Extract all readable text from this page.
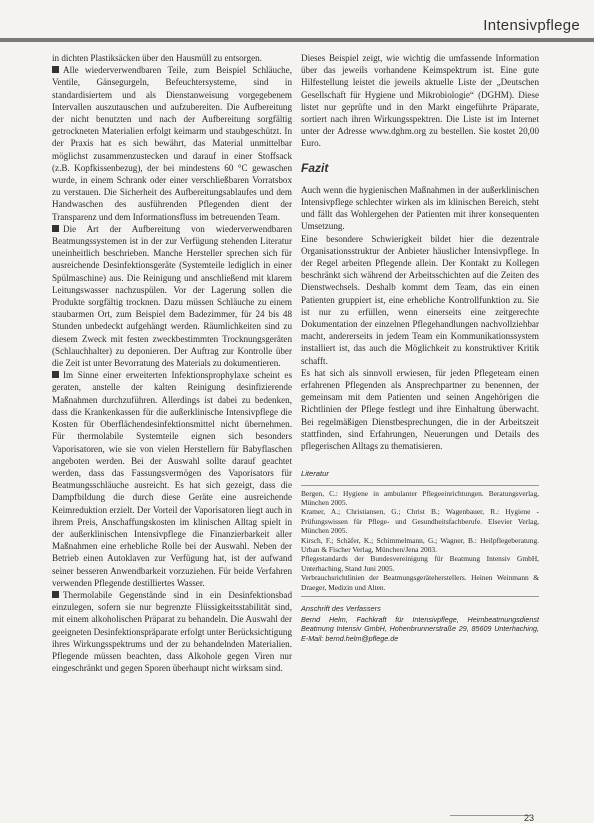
Intensivpflege

in dichten Plastiksäcken über den Hausmüll zu entsorgen.

Alle wiederverwendbaren Teile, zum Beispiel Schläuche, Ventile, Gänsegurgeln, Befeuchtersysteme, sind in standardisiertem und als Dienstanweisung vorgegebenem Intervallen auszutauschen und aufzubereiten. Die Aufbereitung der nicht benutzten und nach der Aufbereitung sorgfältig getrockneten Materialien erfolgt keimarm und staubgeschützt. In der Praxis hat es sich bewährt, das Material unmittelbar möglichst zusammenzustecken und darauf in einer Stoffsack (z.B. Kopfkissenbezug), der bei mindestens 60 °C gewaschen wurde, in einem Schrank oder einer verschließbaren Vorratsbox zu verstauen. Die Sicherheit des Aufbereitungsablaufes und dem Handwaschen des ausführenden Pflegenden dient der Transparenz und dem Informationsfluss im betreuenden Team.

Die Art der Aufbereitung von wiederverwendbaren Beatmungssystemen ist in der zur Verfügung stehenden Literatur uneinheitlich beschrieben. Manche Hersteller sprechen sich für ausreichende Desinfektionsgeräte (Systemteile lediglich in einer Spülmaschine) aus. Die Reinigung und anschließend mit klarem Leitungswasser nachzuspülen. Vor der Lagerung sollen die Produkte sorgfältig trocknen. Dazu müssen Schläuche zu einem staubarmen Ort, zum Beispiel dem Badezimmer, für 24 bis 48 Stunden unbedeckt aufgehängt werden. Räumlichkeiten sind zu diesem Zweck mit festen zweckbestimmten Trocknungsgeräten (Schlauchhalter) zu deponieren. Der Auftrag zur Kontrolle über die Zeit ist unter Bevorratung des Materials zu dokumentieren.

Im Sinne einer erweiterten Infektionsprophylaxe scheint es geraten, anstelle der kalten Reinigung desinfizierende Maßnahmen durchzuführen. Allerdings ist dabei zu bedenken, dass die Krankenkassen für die außerklinische Intensivpflege die Kosten für Oberflächendesinfektionsmittel nicht übernehmen. Für thermolabile Systemteile eignen sich besonders Vaporisatoren, wie sie von vielen Herstellern für Babyflaschen angeboten werden. Bei der Auswahl sollte darauf geachtet werden, dass das Fassungsvermögen des Vaporisators für Beatmungsschläuche ausreicht. Es hat sich gezeigt, dass die Dampfbildung die durch diese Geräte eine ausreichende Keimreduktion erzielt. Der Vorteil der Vaporisatoren liegt auch in ihrem Preis, Anschaffungskosten im klinischen Alltag spielt in der außerklinischen Intensivpflege die Finanzierbarkeit aller Maßnahmen eine erhebliche Rolle bei der Auswahl. Neben der Betrieb einen Autoklaven zur Verfügung hat, ist der aufwand seiner besseren Anwendbarkeit vorzuziehen. Für beide Verfahren verwenden Pflegende destilliertes Wasser.

Thermolabile Gegenstände sind in ein Desinfektionsbad einzulegen, sofern sie nur begrenzte Flüssigkeitsstabilität sind, mit einem alkoholischen Präparat zu behandeln. Die Auswahl der geeigneten Desinfektionspräparate erfolgt unter Berücksichtigung ihres Wirkungsspektrums und der zu behandelnden Materialien. Pflegende müssen beachten, dass Alkohole gegen Viren nur eingeschränkt und gegen Sporen überhaupt nicht wirksam sind.

Dieses Beispiel zeigt, wie wichtig die umfassende Information über das jeweils vorhandene Keimspektrum ist. Eine gute Hilfestellung leistet die jeweils aktuelle Liste der „Deutschen Gesellschaft für Hygiene und Mikrobiologie“ (DGHM). Diese listet nur geprüfte und in den Markt eingeführte Präparate, sortiert nach ihren Wirkungsspektren. Die Liste ist im Internet unter der Adresse www.dghm.org zu bestellen. Sie kostet 20,00 Euro.

Fazit

Auch wenn die hygienischen Maßnahmen in der außerklinischen Intensivpflege schlechter wirken als im klinischen Bereich, steht und fällt das Wohlergehen der Patienten mit ihrer konsequenten Umsetzung.

Eine besondere Schwierigkeit bildet hier die dezentrale Organisationsstruktur der Anbieter häuslicher Intensivpflege. In der Regel arbeiten Pflegende allein. Der Kontakt zu Kollegen beschränkt sich während der Arbeitsschichten auf die Zeiten des Dienstwechsels. Deshalb kommt dem Team, das ein einen Patienten gruppiert ist, eine erhebliche Kontrollfunktion zu. Sie ist nur zu erfüllen, wenn einerseits eine zeitgerechte Dokumentation der einzelnen Pflegehandlungen nachvollziehbar macht, andererseits in jedem Team ein Kommunikationssystem installiert ist, das auch die Möglichkeit zu konstruktiver Kritik schafft.

Es hat sich als sinnvoll erwiesen, für jeden Pflegeteam einen erfahrenen Pflegenden als Ansprechpartner zu benennen, der gemeinsam mit dem Patienten und seinen Angehörigen die Richtlinien der Pflege festlegt und ihre Einhaltung überwacht. Bei regelmäßigen Dienstbesprechungen, die in der Arbeitszeit stattfinden, sind Erfahrungen, Neuerungen und Details des pflegerischen Alltags zu thematisieren.

Literatur
Bergen, C.: Hygiene in ambulanter Pflegeeinrichtungen. Beratungsverlag, München 2005.
Kramer, A.; Christiansen, G.; Christ B.; Wagenbauer, R.: Hygiene - Prüfungswissen für Pflege- und Gesundheitsfachberufe. Elsevier Verlag, München 2005.
Kirsch, F.; Schäfer, K.; Schimmelmann, G.; Wagner, B.: Heilpflegeberatung. Urban & Fischer Verlag, München/Jena 2003.
Pflegestandards der Bundesvereinigung für Beatmung Intensiv GmbH, Unterhaching, Stand Juni 2005.
Verbrauchsrichtlinien der Beatmungsgeräteherstellers. Heinen Weinmann & Draeger, Medizin und Alten.
Anschrift des Verfassers
Bernd Helm, Fachkraft für Intensivpflege, Heimbeatmungsdienst Beatmung Intensiv GmbH, Hohenbrunnerstraße 29, 85609 Unterhaching, E-Mail: bernd.helm@pflege.de
23
